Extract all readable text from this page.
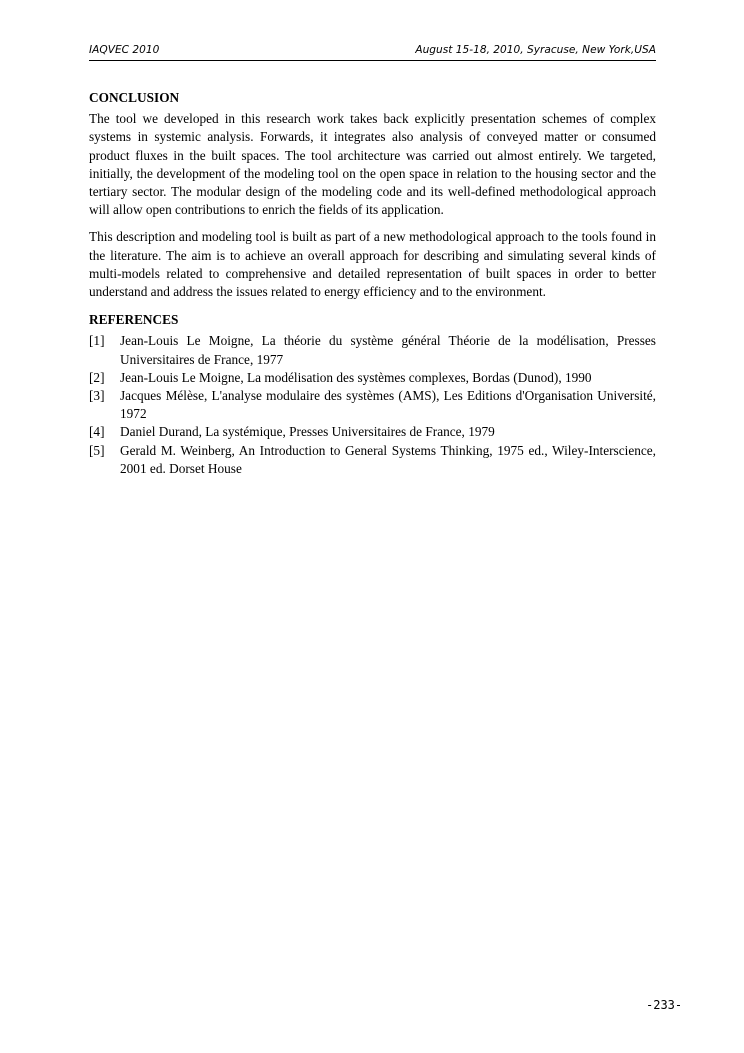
IAQVEC 2010	August 15-18, 2010, Syracuse, New York,USA
CONCLUSION

The tool we developed in this research work takes back explicitly presentation schemes of complex systems in systemic analysis. Forwards, it integrates also analysis of conveyed matter or consumed product fluxes in the built spaces. The tool architecture was carried out almost entirely. We targeted, initially, the development of the modeling tool on the open space in relation to the housing sector and the tertiary sector. The modular design of the modeling code and its well-defined methodological approach will allow open contributions to enrich the fields of its application.

This description and modeling tool is built as part of a new methodological approach to the tools found in the literature. The aim is to achieve an overall approach for describing and simulating several kinds of multi-models related to comprehensive and detailed representation of built spaces in order to better understand and address the issues related to energy efficiency and to the environment.

REFERENCES
[1] Jean-Louis Le Moigne, La théorie du système général Théorie de la modélisation, Presses Universitaires de France, 1977
[2] Jean-Louis Le Moigne, La modélisation des systèmes complexes, Bordas (Dunod), 1990
[3] Jacques Mélèse, L'analyse modulaire des systèmes (AMS), Les Editions d'Organisation Université, 1972
[4] Daniel Durand, La systémique, Presses Universitaires de France, 1979
[5] Gerald M. Weinberg, An Introduction to General Systems Thinking, 1975 ed., Wiley-Interscience, 2001 ed. Dorset House
-233-
